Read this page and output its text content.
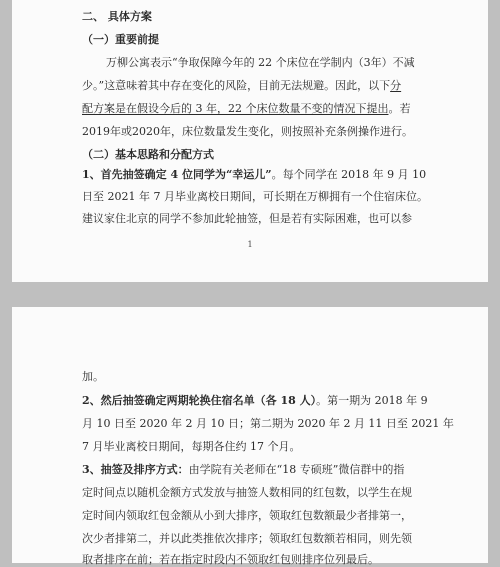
二、 具体方案
（一）重要前提
万柳公寓表示“争取保障今年的 22 个床位在学制内（3年）不减
少。”这意味着其中存在变化的风险，目前无法规避。因此，以下分
配方案是在假设今后的 3 年，22 个床位数量不变的情况下提出。若
2019年或2020年，床位数量发生变化，则按照补充条例操作进行。
（二）基本思路和分配方式
1、首先抽签确定 4 位同学为“幸运儿”。每个同学在 2018 年 9 月 10
日至 2021 年 7 月毕业离校日期间，可长期在万柳拥有一个住宿床位。
建议家住北京的同学不参加此轮抽签，但是若有实际困难，也可以参
1
加。
2、然后抽签确定两期轮换住宿名单（各 18 人）。第一期为 2018 年 9
月 10 日至 2020 年 2 月 10 日；第二期为 2020 年 2 月 11 日至 2021 年
7 月毕业离校日期间，每期各住约 17 个月。
3、抽签及排序方式：由学院有关老师在“18 专硕班”微信群中的指
定时间点以随机金额方式发放与抽签人数相同的红包数，以学生在规
定时间内领取红包金额从小到大排序，领取红包数额最少者排第一，
次少者排第二，并以此类推依次排序；领取红包数额若相同，则先领
取者排序在前；若在指定时段内不领取红包则排序位列最后。
